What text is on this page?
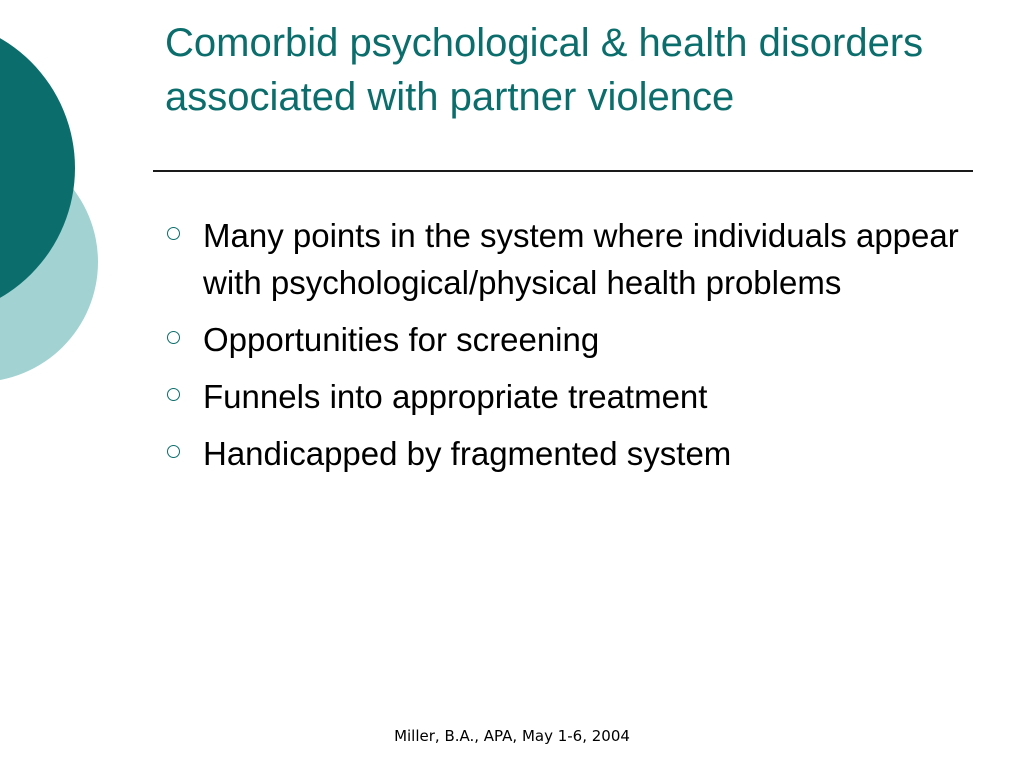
Comorbid psychological & health disorders associated with partner violence
Many points in the system where individuals appear with psychological/physical health problems
Opportunities for screening
Funnels into appropriate treatment
Handicapped by fragmented system
Miller, B.A., APA, May 1-6, 2004
